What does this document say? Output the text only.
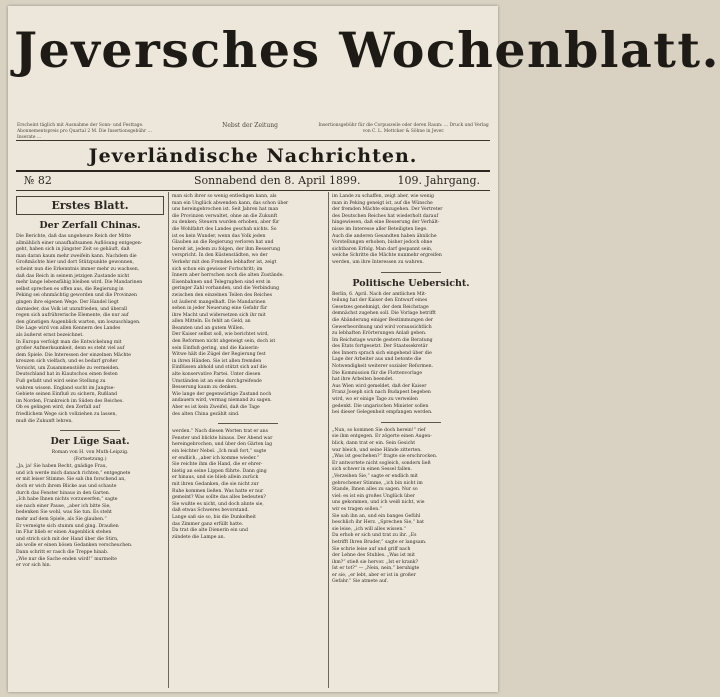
Jeversches Wochenblatt.
Erscheint täglich mit Ausnahme der Sonn- und Festtage. Abonnementspreis pro Quartal 2 M. Die Insertionsgebühr … Inserate …
Nebst der Zeitung	Insertionsgebühr für die Corpuszeile oder deren Raum: … Druck und Verlag von C. L. Mettcker & Söhne in Jever.
Jeverländische Nachrichten.
№ 82	Sonnabend den 8. April 1899.	109. Jahrgang.
Erstes Blatt.
Der Zerfall Chinas.
Die Berichte, daß das ungeheure Reich der Mitte
allmählich einer unaufhaltsamen Auflösung entgegen-
geht, haben sich in jüngster Zeit so gehäuft, daß
man daran kaum mehr zweifeln kann. Nachdem die
Großmächte hier und dort Stützpunkte gewonnen,
scheint nun die Erkenntnis immer mehr zu wachsen,
daß das Reich in seinem jetzigen Zustande nicht
mehr lange lebensfähig bleiben wird. Die Mandarinen
selbst sprechen es offen aus, die Regierung in
Peking sei ohnmächtig geworden und die Provinzen
gingen ihre eigenen Wege. Der Handel liegt
darnieder, das Volk ist unzufrieden, und überall
regen sich aufrührerische Elemente, die nur auf
den günstigen Augenblick warten, um loszuschlagen.
Die Lage wird von allen Kennern des Landes
als äußerst ernst bezeichnet.
In Europa verfolgt man die Entwickelung mit
großer Aufmerksamkeit, denn es steht viel auf
dem Spiele. Die Interessen der einzelnen Mächte
kreuzen sich vielfach, und es bedarf großer
Vorsicht, um Zusammenstöße zu vermeiden.
Deutschland hat in Kiautschou einen festen
Fuß gefaßt und wird seine Stellung zu
wahren wissen. England sucht im Jangtse-
Gebiete seinen Einfluß zu sichern, Rußland
im Norden, Frankreich im Süden des Reiches.
Ob es gelingen wird, den Zerfall auf
friedlichem Wege sich vollziehen zu lassen,
muß die Zukunft lehren.
Der Lüge Saat.
Roman von H. von Muth-Leipzig.
(Fortsetzung.)
„Ja, ja! Sie haben Recht, gnädige Frau,
und ich werde mich danach richten,“ entgegnete
er mit leiser Stimme. Sie sah ihn forschend an,
doch er wich ihrem Blicke aus und schaute
durch das Fenster hinaus in den Garten.
„Ich habe Ihnen nichts vorzuwerfen,“ sagte
sie nach einer Pause, „aber ich bitte Sie,
bedenken Sie wohl, was Sie tun. Es steht
mehr auf dem Spiele, als Sie glauben.“
Er verneigte sich stumm und ging. Draußen
im Flur blieb er einen Augenblick stehen
und strich sich mit der Hand über die Stirn,
als wolle er einen bösen Gedanken verscheuchen.
Dann schritt er rasch die Treppe hinab.
„Wie nur die Sache enden wird!“ murmelte
er vor sich hin.
man sich ihrer so wenig entledigen kann, als
man ein Unglück abwenden kann, das schon über
uns hereingebrochen ist. Seit Jahren hat man
die Provinzen verwaltet, ohne an die Zukunft
zu denken; Steuern wurden erhoben, aber für
die Wohlfahrt des Landes geschah nichts. So
ist es kein Wunder, wenn das Volk jeden
Glauben an die Regierung verloren hat und
bereit ist, jedem zu folgen, der ihm Besserung
verspricht. In den Küstenstädten, wo der
Verkehr mit den Fremden lebhafter ist, zeigt
sich schon ein gewisser Fortschritt; im
Innern aber herrschen noch die alten Zustände.
Eisenbahnen und Telegraphen sind erst in
geringer Zahl vorhanden, und die Verbindung
zwischen den einzelnen Teilen des Reiches
ist äußerst mangelhaft. Die Mandarinen
sehen in jeder Neuerung eine Gefahr für
ihre Macht und widersetzen sich ihr mit
allen Mitteln. Es fehlt an Geld, an
Beamten und an gutem Willen.
Der Kaiser selbst soll, wie berichtet wird,
den Reformen nicht abgeneigt sein, doch ist
sein Einfluß gering, und die Kaiserin-
Witwe hält die Zügel der Regierung fest
in ihren Händen. Sie ist allen fremden
Einflüssen abhold und stützt sich auf die
alte konservative Partei. Unter diesen
Umständen ist an eine durchgreifende
Besserung kaum zu denken.
Wie lange der gegenwärtige Zustand noch
andauern wird, vermag niemand zu sagen.
Aber es ist kein Zweifel, daß die Tage
des alten China gezählt sind.
werden.“ Nach diesen Worten trat er ans
Fenster und blickte hinaus. Der Abend war
hereingebrochen, und über den Gärten lag
ein leichter Nebel. „Ich muß fort,“ sagte
er endlich, „aber ich komme wieder.“
Sie reichte ihm die Hand, die er ehrer-
bietig an seine Lippen führte. Dann ging
er hinaus, und sie blieb allein zurück
mit ihren Gedanken, die sie nicht zur
Ruhe kommen ließen. Was hatte er nur
gemeint? Was sollte das alles bedeuten?
Sie wußte es nicht, und doch ahnte sie,
daß etwas Schweres bevorstand.
Lange saß sie so, bis die Dunkelheit
das Zimmer ganz erfüllt hatte.
Da trat die alte Dienerin ein und
zündete die Lampe an.
im Lande zu schaffen, zeigt aber, wie wenig
man in Peking geneigt ist, auf die Wünsche
der fremden Mächte einzugehen. Der Vertreter
des Deutschen Reiches hat wiederholt darauf
hingewiesen, daß eine Besserung der Verhält-
nisse im Interesse aller Beteiligten liege.
Auch die anderen Gesandten haben ähnliche
Vorstellungen erhoben, bisher jedoch ohne
sichtbaren Erfolg. Man darf gespannt sein,
welche Schritte die Mächte nunmehr ergreifen
werden, um ihre Interessen zu wahren.
Politische Uebersicht.
Berlin, 6. April. Nach der amtlichen Mit-
teilung hat der Kaiser den Entwurf eines
Gesetzes genehmigt, der dem Reichstage
demnächst zugehen soll. Die Vorlage betrifft
die Abänderung einiger Bestimmungen der
Gewerbeordnung und wird voraussichtlich
zu lebhaften Erörterungen Anlaß geben.
Im Reichstage wurde gestern die Beratung
des Etats fortgesetzt. Der Staatssekretär
des Innern sprach sich eingehend über die
Lage der Arbeiter aus und betonte die
Notwendigkeit weiterer sozialer Reformen.
Die Kommission für die Flottenvorlage
hat ihre Arbeiten beendet.
Aus Wien wird gemeldet, daß der Kaiser
Franz Joseph sich nach Budapest begeben
wird, wo er einige Tage zu verweilen
gedenkt. Die ungarischen Minister sollen
bei dieser Gelegenheit empfangen werden.
„Nun, so kommen Sie doch herein!“ rief
sie ihm entgegen. Er zögerte einen Augen-
blick, dann trat er ein. Sein Gesicht
war bleich, und seine Hände zitterten.
„Was ist geschehen?“ fragte sie erschrocken.
Er antwortete nicht sogleich, sondern ließ
sich schwer in einen Sessel fallen.
„Verzeihen Sie,“ sagte er endlich mit
gebrochener Stimme, „ich bin nicht im
Stande, Ihnen alles zu sagen. Nur so
viel: es ist ein großes Unglück über
uns gekommen, und ich weiß nicht, wie
wir es tragen sollen.“
Sie sah ihn an, und ein banges Gefühl
beschlich ihr Herz. „Sprechen Sie,“ bat
sie leise, „ich will alles wissen.“
Da erhob er sich und trat zu ihr. „Es
betrifft Ihren Bruder,“ sagte er langsam.
Sie schrie leise auf und griff nach
der Lehne des Stuhles. „Was ist mit
ihm?“ stieß sie hervor. „Ist er krank?
Ist er tot?“ — „Nein, nein,“ beruhigte
er sie, „er lebt, aber er ist in großer
Gefahr.“ Sie atmete auf.
